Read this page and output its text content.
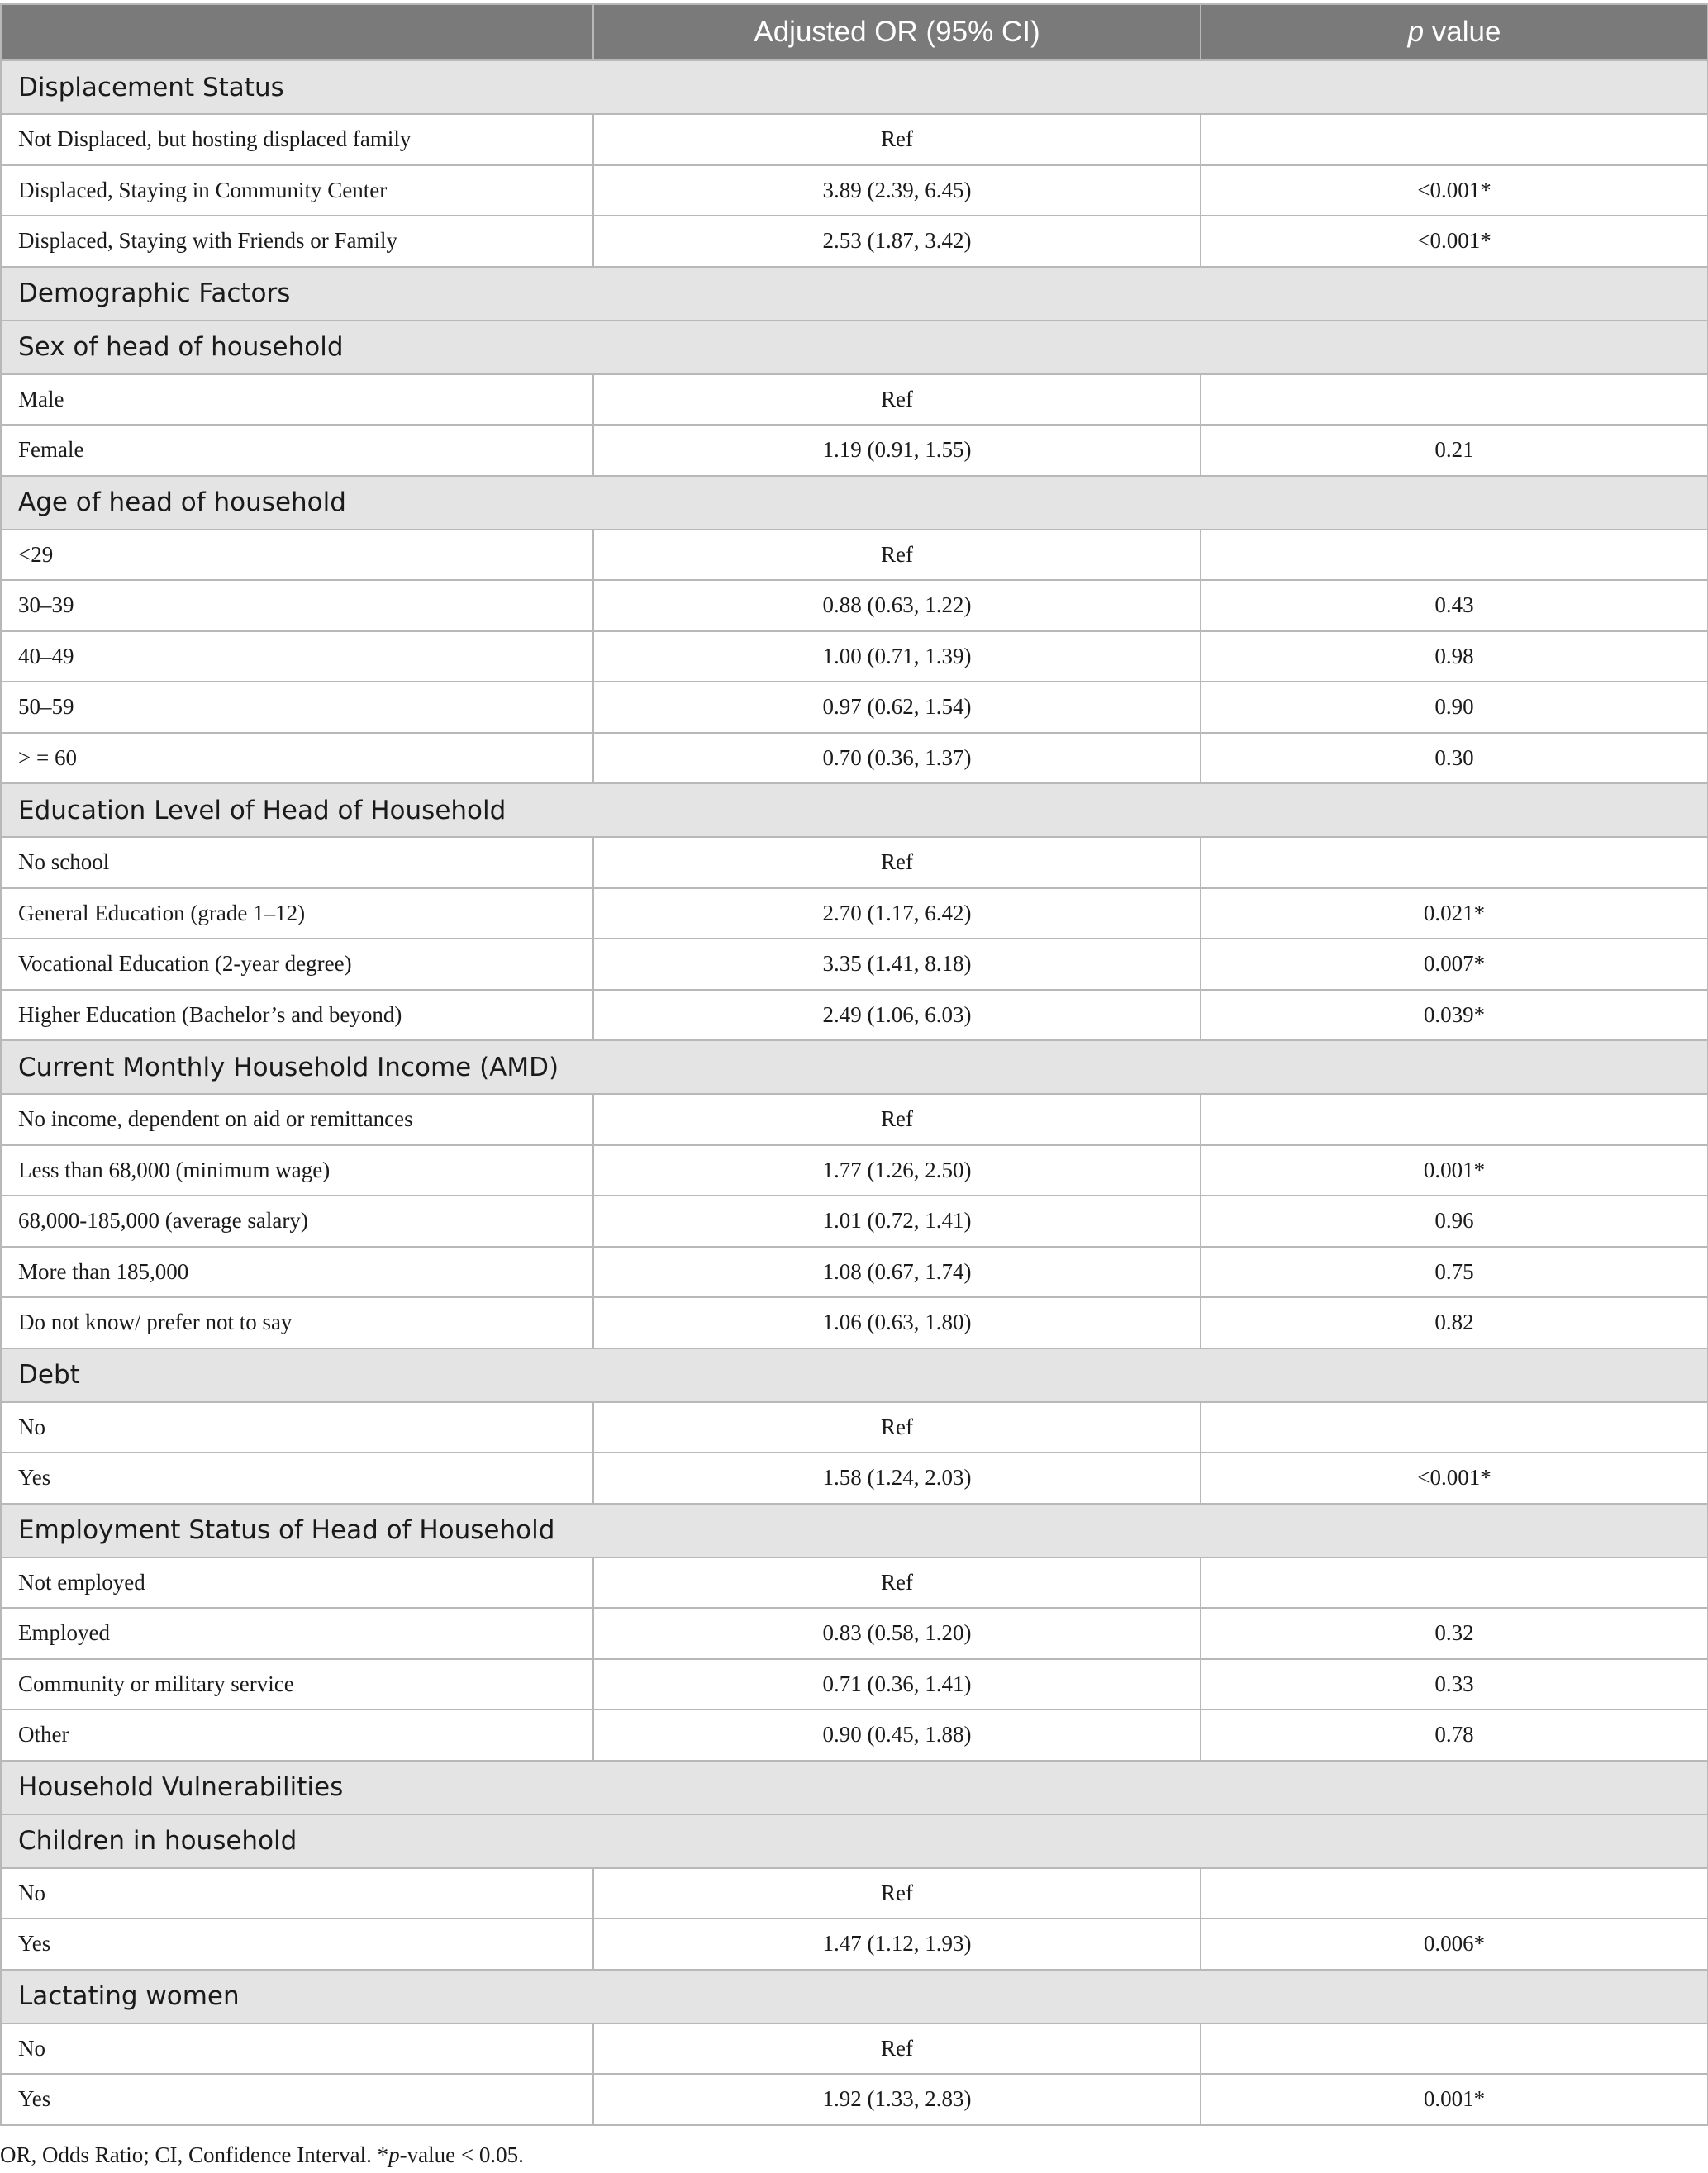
	Adjusted OR (95% CI)	p value
Displacement Status		
Not Displaced, but hosting displaced family	Ref	
Displaced, Staying in Community Center	3.89 (2.39, 6.45)	<0.001*
Displaced, Staying with Friends or Family	2.53 (1.87, 3.42)	<0.001*
Demographic Factors		
Sex of head of household		
Male	Ref	
Female	1.19 (0.91, 1.55)	0.21
Age of head of household		
<29	Ref	
30–39	0.88 (0.63, 1.22)	0.43
40–49	1.00 (0.71, 1.39)	0.98
50–59	0.97 (0.62, 1.54)	0.90
> = 60	0.70 (0.36, 1.37)	0.30
Education Level of Head of Household		
No school	Ref	
General Education (grade 1–12)	2.70 (1.17, 6.42)	0.021*
Vocational Education (2-year degree)	3.35 (1.41, 8.18)	0.007*
Higher Education (Bachelor’s and beyond)	2.49 (1.06, 6.03)	0.039*
Current Monthly Household Income (AMD)		
No income, dependent on aid or remittances	Ref	
Less than 68,000 (minimum wage)	1.77 (1.26, 2.50)	0.001*
68,000-185,000 (average salary)	1.01 (0.72, 1.41)	0.96
More than 185,000	1.08 (0.67, 1.74)	0.75
Do not know/ prefer not to say	1.06 (0.63, 1.80)	0.82
Debt		
No	Ref	
Yes	1.58 (1.24, 2.03)	<0.001*
Employment Status of Head of Household		
Not employed	Ref	
Employed	0.83 (0.58, 1.20)	0.32
Community or military service	0.71 (0.36, 1.41)	0.33
Other	0.90 (0.45, 1.88)	0.78
Household Vulnerabilities		
Children in household		
No	Ref	
Yes	1.47 (1.12, 1.93)	0.006*
Lactating women		
No	Ref	
Yes	1.92 (1.33, 2.83)	0.001*
OR, Odds Ratio; CI, Confidence Interval. *p-value < 0.05.
